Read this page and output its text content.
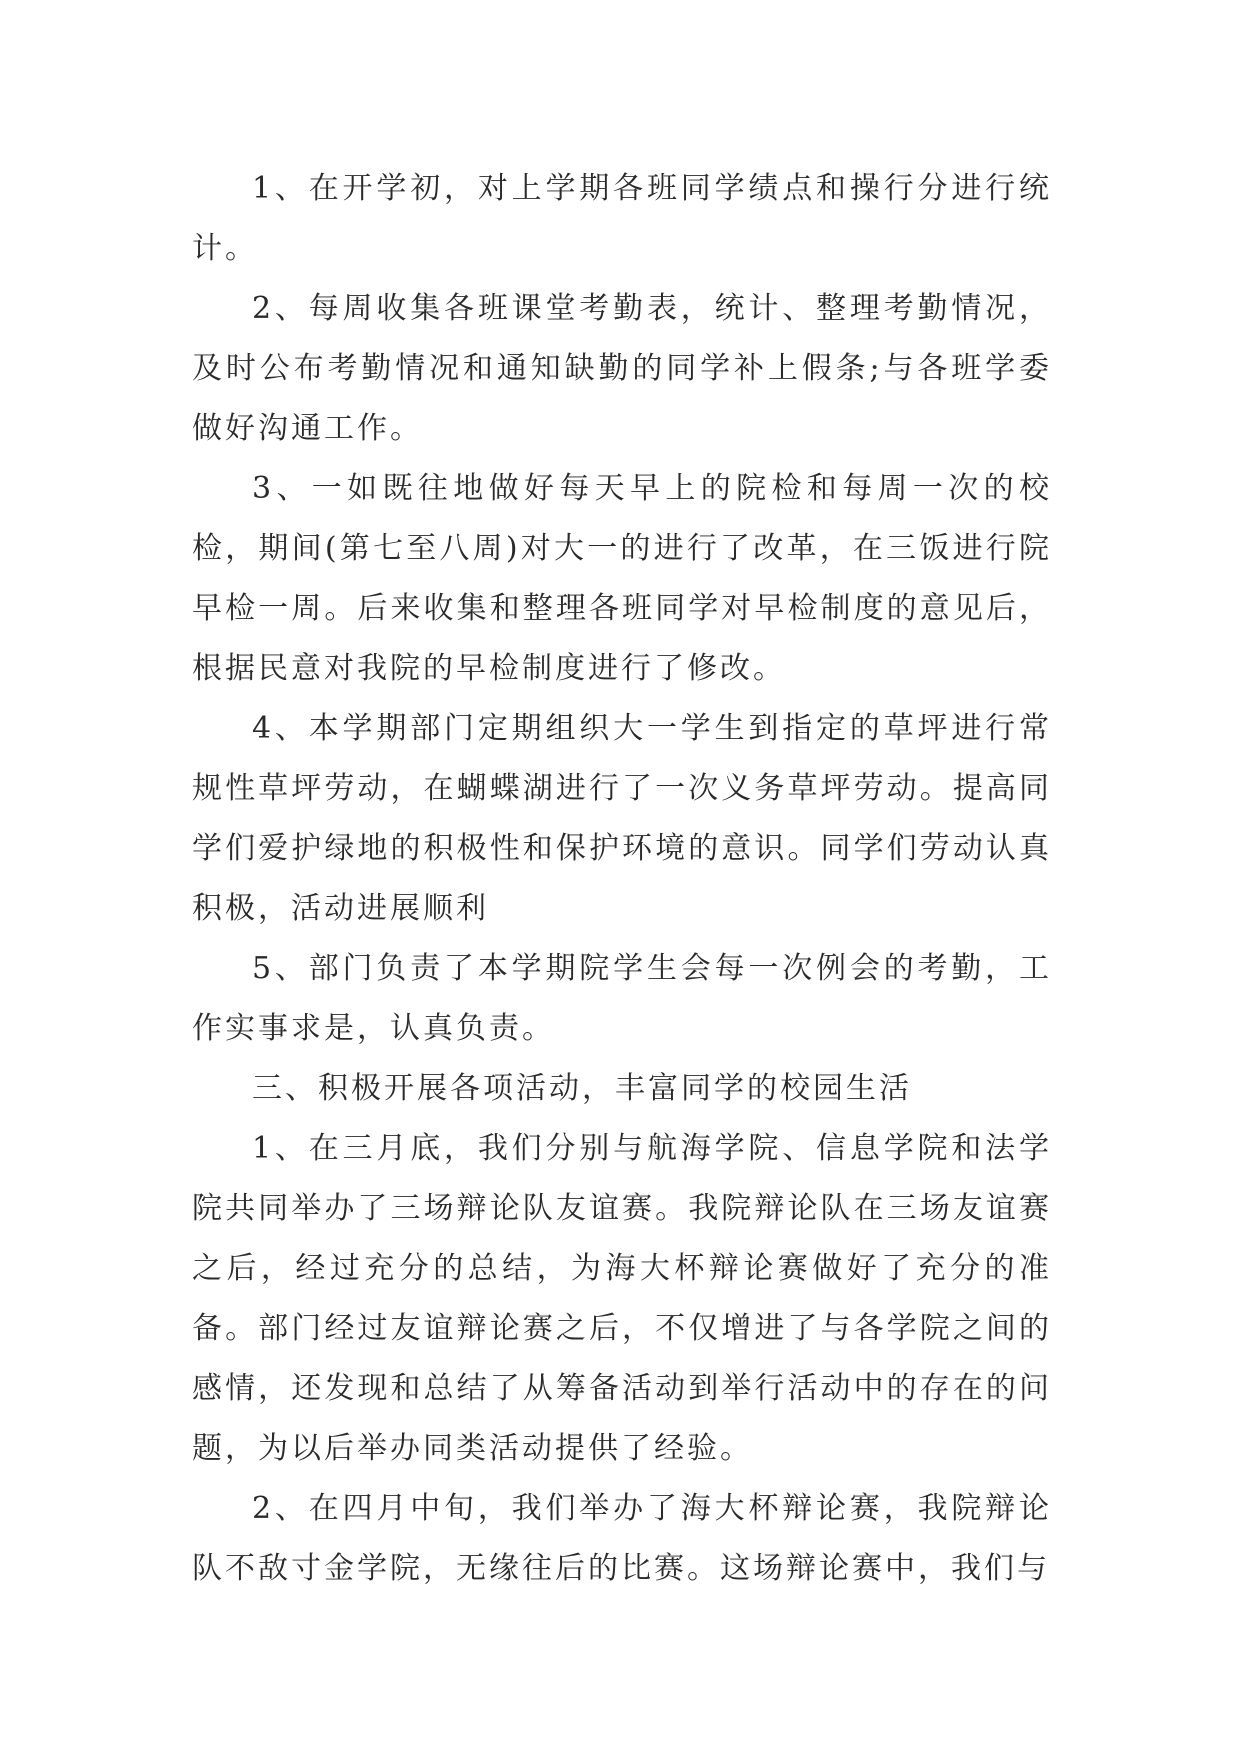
1、在开学初，对上学期各班同学绩点和操行分进行统计。

2、每周收集各班课堂考勤表，统计、整理考勤情况，及时公布考勤情况和通知缺勤的同学补上假条;与各班学委做好沟通工作。

3、一如既往地做好每天早上的院检和每周一次的校检，期间(第七至八周)对大一的进行了改革，在三饭进行院早检一周。后来收集和整理各班同学对早检制度的意见后，根据民意对我院的早检制度进行了修改。

4、本学期部门定期组织大一学生到指定的草坪进行常规性草坪劳动，在蝴蝶湖进行了一次义务草坪劳动。提高同学们爱护绿地的积极性和保护环境的意识。同学们劳动认真积极，活动进展顺利

5、部门负责了本学期院学生会每一次例会的考勤，工作实事求是，认真负责。

三、积极开展各项活动，丰富同学的校园生活

1、在三月底，我们分别与航海学院、信息学院和法学院共同举办了三场辩论队友谊赛。我院辩论队在三场友谊赛之后，经过充分的总结，为海大杯辩论赛做好了充分的准备。部门经过友谊辩论赛之后，不仅增进了与各学院之间的感情，还发现和总结了从筹备活动到举行活动中的存在的问题，为以后举办同类活动提供了经验。

2、在四月中旬，我们举办了海大杯辩论赛，我院辩论队不敌寸金学院，无缘往后的比赛。这场辩论赛中，我们与
